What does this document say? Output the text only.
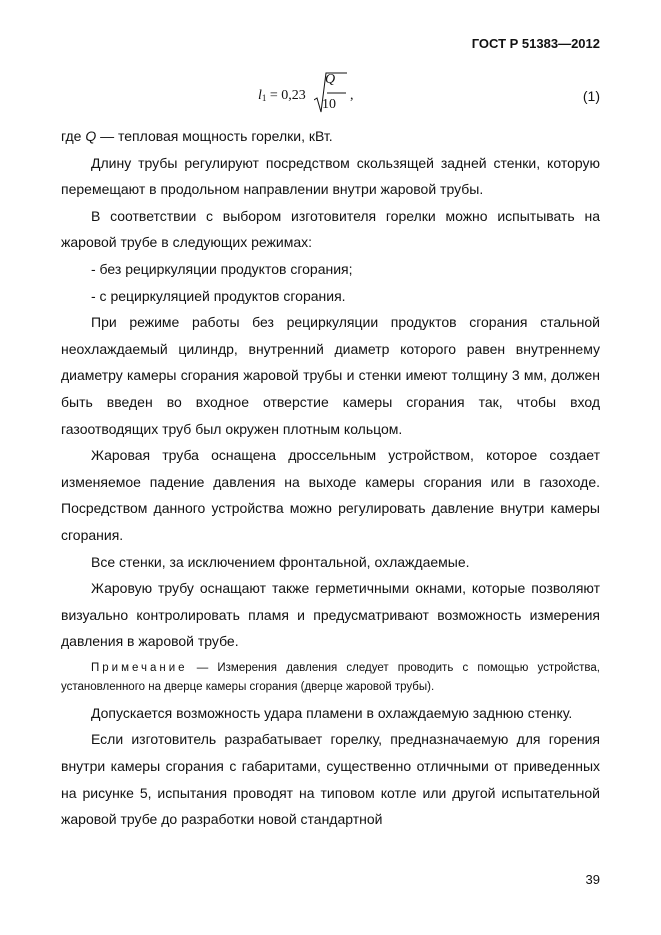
ГОСТ Р 51383—2012
$l_1 = 0,23$
Q
10
,	(1)

где Q — тепловая мощность горелки, кВт.

Длину трубы регулируют посредством скользящей задней стенки, которую перемещают в продольном направлении внутри жаровой трубы.

В соответствии с выбором изготовителя горелки можно испытывать на жаровой трубе в следующих режимах:

- без рециркуляции продуктов сгорания;

- с рециркуляцией продуктов сгорания.

При режиме работы без рециркуляции продуктов сгорания стальной неохлаждаемый цилиндр, внутренний диаметр которого равен внутреннему диаметру камеры сгорания жаровой трубы и стенки имеют толщину 3 мм, должен быть введен во входное отверстие камеры сгорания так, чтобы вход газоотводящих труб был окружен плотным кольцом.

Жаровая труба оснащена дроссельным устройством, которое создает изменяемое падение давления на выходе камеры сгорания или в газоходе. Посредством данного устройства можно регулировать давление внутри камеры сгорания.

Все стенки, за исключением фронтальной, охлаждаемые.

Жаровую трубу оснащают также герметичными окнами, которые позволяют визуально контролировать пламя и предусматривают возможность измерения давления в жаровой трубе.

Примечание — Измерения давления следует проводить с помощью устройства, установленного на дверце камеры сгорания (дверце жаровой трубы).

Допускается возможность удара пламени в охлаждаемую заднюю стенку.

Если изготовитель разрабатывает горелку, предназначаемую для горения внутри камеры сгорания с габаритами, существенно отличными от приведенных на рисунке 5, испытания проводят на типовом котле или другой испытательной жаровой трубе до разработки новой стандартной

39
